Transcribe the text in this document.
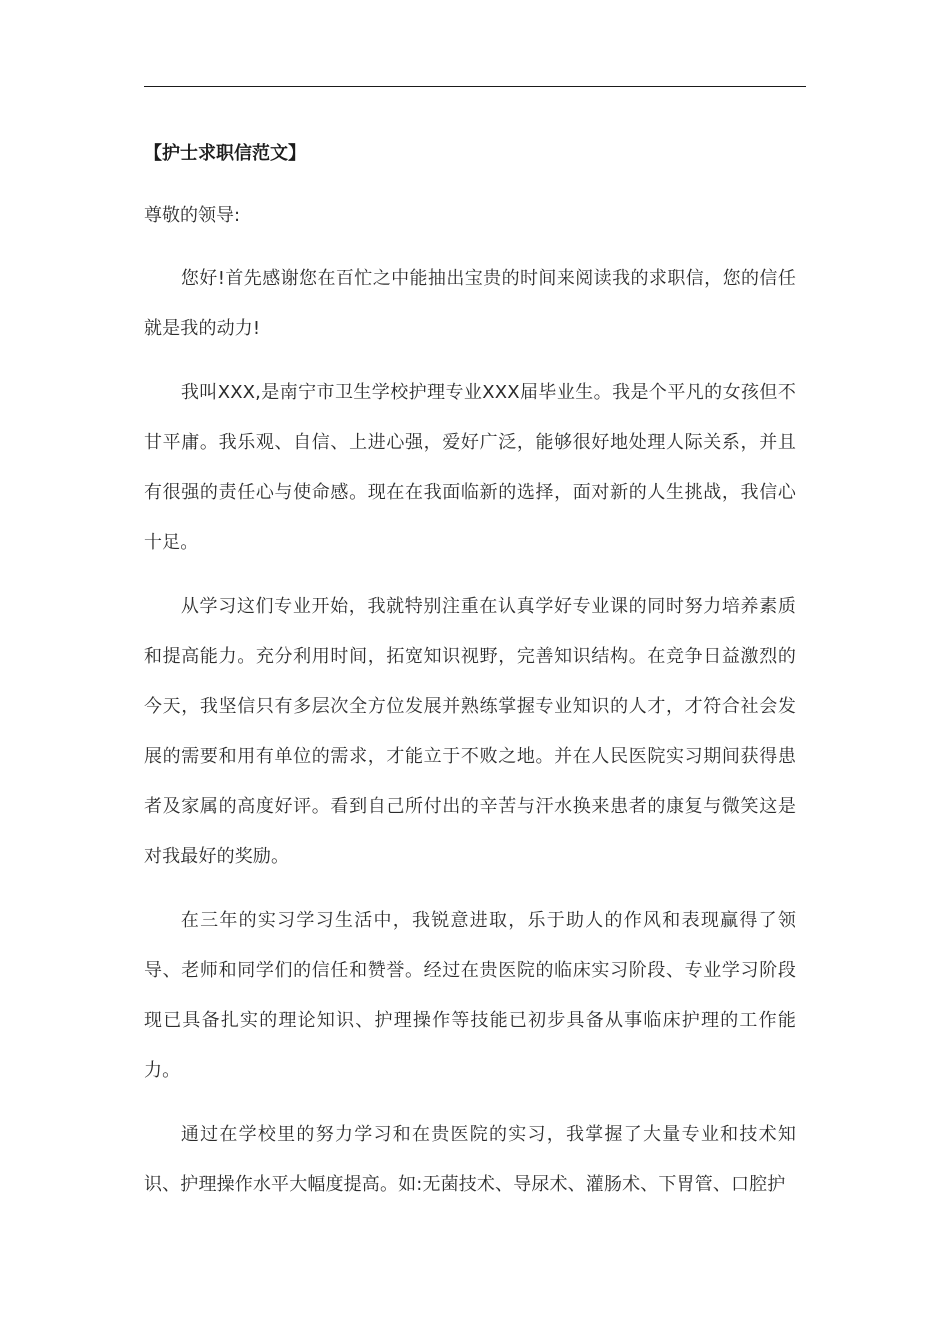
【护士求职信范文】

尊敬的领导:

您好!首先感谢您在百忙之中能抽出宝贵的时间来阅读我的求职信，您的信任就是我的动力!

我叫XXX,是南宁市卫生学校护理专业XXX届毕业生。我是个平凡的女孩但不甘平庸。我乐观、自信、上进心强，爱好广泛，能够很好地处理人际关系，并且有很强的责任心与使命感。现在在我面临新的选择，面对新的人生挑战，我信心十足。

从学习这们专业开始，我就特别注重在认真学好专业课的同时努力培养素质和提高能力。充分利用时间，拓宽知识视野，完善知识结构。在竞争日益激烈的今天，我坚信只有多层次全方位发展并熟练掌握专业知识的人才，才符合社会发展的需要和用有单位的需求，才能立于不败之地。并在人民医院实习期间获得患者及家属的高度好评。看到自己所付出的辛苦与汗水换来患者的康复与微笑这是对我最好的奖励。

在三年的实习学习生活中，我锐意进取，乐于助人的作风和表现赢得了领导、老师和同学们的信任和赞誉。经过在贵医院的临床实习阶段、专业学习阶段现已具备扎实的理论知识、护理操作等技能已初步具备从事临床护理的工作能力。

通过在学校里的努力学习和在贵医院的实习，我掌握了大量专业和技术知识、护理操作水平大幅度提高。如:无菌技术、导尿术、灌肠术、下胃管、口腔护
